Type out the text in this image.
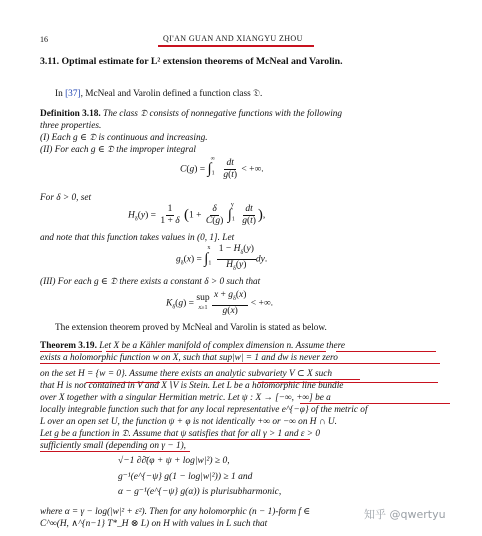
16	QI'AN GUAN AND XIANGYU ZHOU
3.11. Optimal estimate for L² extension theorems of McNeal and Varolin.
In [37], McNeal and Varolin defined a function class 𝔇.
Definition 3.18. The class 𝔇 consists of nonnegative functions with the following
three properties.
(I) Each g ∈ 𝔇 is continuous and increasing.
(II) For each g ∈ 𝔇 the improper integral
$C(g) = \int_1^\infty \frac{dt}{g(t)}$ < +∞.
For δ > 0, set
$H_\delta(y) = \frac{1}{1 + \delta} (1 + \frac{\delta}{C(g)} \int_1^y \frac{dt}{g(t)}$ ),
and note that this function takes values in (0, 1]. Let
$g_\delta(x) = \int_1^x \frac{1 - H_\delta(y)}{H_\delta(y)}$ dy.
(III) For each g ∈ 𝔇 there exists a constant δ > 0 such that
$K_\delta(g)$ = sup
x≥1
$\frac{x + g_\delta(x)}{g(x)}$ < +∞.
The extension theorem proved by McNeal and Varolin is stated as below.
Theorem 3.19. Let X be a Kähler manifold of complex dimension n. Assume there
exists a holomorphic function w on X, such that sup|w| = 1 and dw is never zero
on the set H = {w = 0}. Assume there exists an analytic subvariety V ⊂ X such
that H is not contained in V and X∖V is Stein. Let L be a holomorphic line bundle
over X together with a singular Hermitian metric. Let ψ : X → [−∞, +∞] be a
locally integrable function such that for any local representative e^{−φ} of the metric of
L over an open set U, the function ψ + φ is not identically +∞ or −∞ on H ∩ U.
Let g be a function in 𝔇. Assume that ψ satisfies that for all γ > 1 and ε > 0
sufficiently small (depending on γ − 1),
√−1 ∂∂̄(φ + ψ + log|w|²) ≥ 0,
g⁻¹(e^{−ψ} g(1 − log|w|²)) ≥ 1 and
α − g⁻¹(e^{−ψ} g(α)) is plurisubharmonic,
where α = γ − log(|w|² + ε²). Then for any holomorphic (n − 1)-form f ∈
C^∞(H, ∧^{n−1} T*_H ⊗ L) on H with values in L such that
知乎 @qwertyu
